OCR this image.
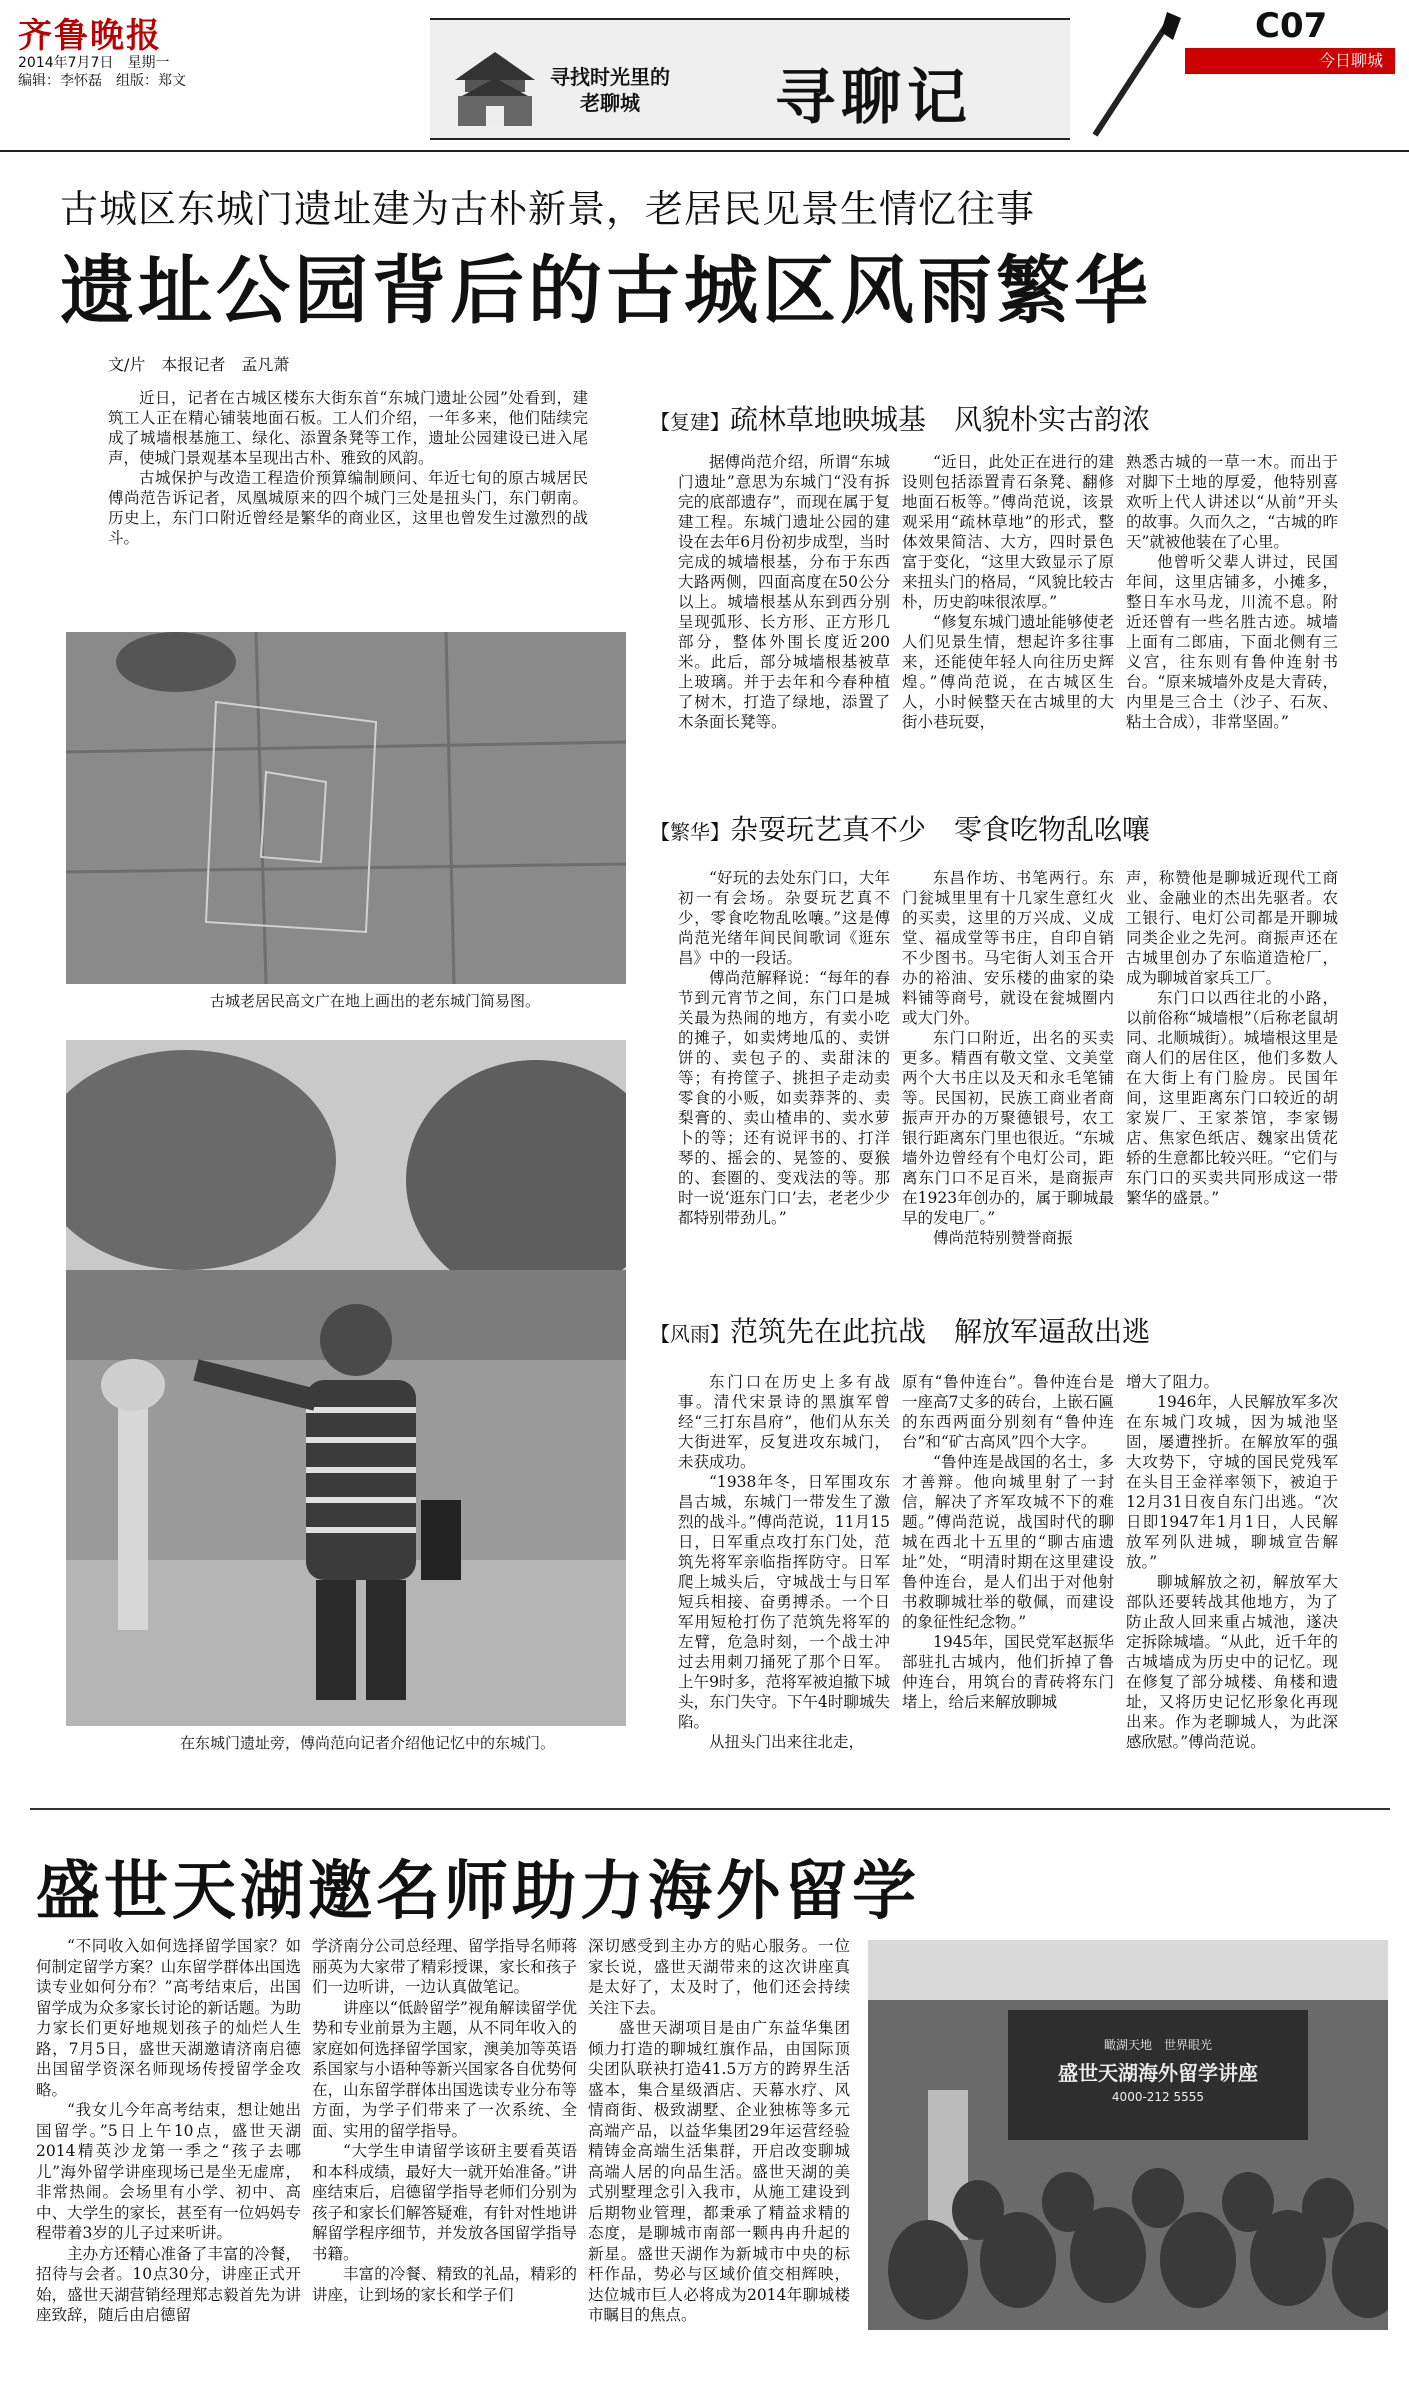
齐鲁晚报
2014年7月7日　星期一
编辑：李怀磊　组版：郑文	寻找时光里的
老聊城	寻聊记
C07
今日聊城
古城区东城门遗址建为古朴新景，老居民见景生情忆往事
遗址公园背后的古城区风雨繁华
文/片　本报记者　孟凡萧

近日，记者在古城区楼东大街东首“东城门遗址公园”处看到，建筑工人正在精心铺装地面石板。工人们介绍，一年多来，他们陆续完成了城墙根基施工、绿化、添置条凳等工作，遗址公园建设已进入尾声，使城门景观基本呈现出古朴、雅致的风韵。

古城保护与改造工程造价预算编制顾问、年近七旬的原古城居民傅尚范告诉记者，凤凰城原来的四个城门三处是扭头门，东门朝南。历史上，东门口附近曾经是繁华的商业区，这里也曾发生过激烈的战斗。

古城老居民高文广在地上画出的老东城门简易图。
在东城门遗址旁，傅尚范向记者介绍他记忆中的东城门。
【复建】疏林草地映城基　风貌朴实古韵浓

据傅尚范介绍，所谓“东城门遗址”意思为东城门“没有拆完的底部遗存”，而现在属于复建工程。东城门遗址公园的建设在去年6月份初步成型，当时完成的城墙根基，分布于东西大路两侧，四面高度在50公分以上。城墙根基从东到西分别呈现弧形、长方形、正方形几部分，整体外围长度近200米。此后，部分城墙根基被草上玻璃。并于去年和今春种植了树木，打造了绿地，添置了木条面长凳等。

“近日，此处正在进行的建设则包括添置青石条凳、翻修地面石板等。”傅尚范说，该景观采用“疏林草地”的形式，整体效果简洁、大方，四时景色富于变化，“这里大致显示了原来扭头门的格局，“风貌比较古朴，历史韵味很浓厚。”

“修复东城门遗址能够使老人们见景生情，想起许多往事来，还能使年轻人向往历史辉煌。”傅尚范说，在古城区生人，小时候整天在古城里的大街小巷玩耍，

熟悉古城的一草一木。而出于对脚下土地的厚爱，他特别喜欢听上代人讲述以“从前”开头的故事。久而久之，“古城的昨天”就被他装在了心里。

他曾听父辈人讲过，民国年间，这里店铺多，小摊多，整日车水马龙，川流不息。附近还曾有一些名胜古迹。城墙上面有二郎庙，下面北侧有三义宫，往东则有鲁仲连射书台。“原来城墙外皮是大青砖，内里是三合土（沙子、石灰、粘土合成），非常坚固。”

【繁华】杂耍玩艺真不少　零食吃物乱吆嚷

“好玩的去处东门口，大年初一有会场。杂耍玩艺真不少，零食吃物乱吆嚷。”这是傅尚范光绪年间民间歌词《逛东昌》中的一段话。

傅尚范解释说：“每年的春节到元宵节之间，东门口是城关最为热闹的地方，有卖小吃的摊子，如卖烤地瓜的、卖饼饼的、卖包子的、卖甜沫的等；有挎筐子、挑担子走动卖零食的小贩，如卖莽荠的、卖梨膏的、卖山楂串的、卖水萝卜的等；还有说评书的、打洋琴的、摇会的、晃签的、耍猴的、套圈的、变戏法的等。那时一说‘逛东门口’去，老老少少都特别带劲儿。”

东昌作坊、书笔两行。东门瓮城里里有十几家生意红火的买卖，这里的万兴成、义成堂、福成堂等书庄，自印自销不少图书。马宅街人刘玉合开办的裕油、安乐楼的曲家的染料铺等商号，就设在瓮城圈内或大门外。

东门口附近，出名的买卖更多。精酉有敬文堂、文美堂两个大书庄以及天和永毛笔铺等。民国初，民族工商业者商振声开办的万聚德银号，农工银行距离东门里也很近。“东城墙外边曾经有个电灯公司，距离东门口不足百米，是商振声在1923年创办的，属于聊城最早的发电厂。”

傅尚范特别赞誉商振

声，称赞他是聊城近现代工商业、金融业的杰出先驱者。农工银行、电灯公司都是开聊城同类企业之先河。商振声还在古城里创办了东临道造枪厂，成为聊城首家兵工厂。

东门口以西往北的小路，以前俗称“城墙根”（后称老鼠胡同、北顺城街）。城墙根这里是商人们的居住区，他们多数人在大街上有门脸房。民国年间，这里距离东门口较近的胡家炭厂、王家茶馆，李家锡店、焦家色纸店、魏家出赁花轿的生意都比较兴旺。“它们与东门口的买卖共同形成这一带繁华的盛景。”

【风雨】范筑先在此抗战　解放军逼敌出逃

东门口在历史上多有战事。清代宋景诗的黑旗军曾经“三打东昌府”，他们从东关大街进军，反复进攻东城门，未获成功。

“1938年冬，日军围攻东昌古城，东城门一带发生了激烈的战斗。”傅尚范说，11月15日，日军重点攻打东门处，范筑先将军亲临指挥防守。日军爬上城头后，守城战士与日军短兵相接、奋勇搏杀。一个日军用短枪打伤了范筑先将军的左臂，危急时刻，一个战士冲过去用刺刀捅死了那个日军。上午9时多，范将军被迫撤下城头，东门失守。下午4时聊城失陷。

从扭头门出来往北走，

原有“鲁仲连台”。鲁仲连台是一座高7丈多的砖台，上嵌石匾的东西两面分别刻有“鲁仲连台”和“矿古高风”四个大字。

“鲁仲连是战国的名士，多才善辩。他向城里射了一封信，解决了齐军攻城不下的难题。”傅尚范说，战国时代的聊城在西北十五里的“聊古庙遗址”处，“明清时期在这里建设鲁仲连台，是人们出于对他射书救聊城壮举的敬佩，而建设的象征性纪念物。”

1945年，国民党军赵振华部驻扎古城内，他们折掉了鲁仲连台，用筑台的青砖将东门堵上，给后来解放聊城

增大了阻力。

1946年，人民解放军多次在东城门攻城，因为城池坚固，屡遭挫折。在解放军的强大攻势下，守城的国民党残军在头目王金祥率领下，被迫于12月31日夜自东门出逃。“次日即1947年1月1日，人民解放军列队进城，聊城宣告解放。”

聊城解放之初，解放军大部队还要转战其他地方，为了防止敌人回来重占城池，遂决定拆除城墙。“从此，近千年的古城墙成为历史中的记忆。现在修复了部分城楼、角楼和遗址，又将历史记忆形象化再现出来。作为老聊城人，为此深感欣慰。”傅尚范说。

盛世天湖邀名师助力海外留学

“不同收入如何选择留学国家？如何制定留学方案？山东留学群体出国选读专业如何分布？”高考结束后，出国留学成为众多家长讨论的新话题。为助力家长们更好地规划孩子的灿烂人生路，7月5日，盛世天湖邀请济南启德出国留学资深名师现场传授留学金攻略。

“我女儿今年高考结束，想让她出国留学。”5日上午10点，盛世天湖2014精英沙龙第一季之“孩子去哪儿”海外留学讲座现场已是坐无虚席，非常热闹。会场里有小学、初中、高中、大学生的家长，甚至有一位妈妈专程带着3岁的儿子过来听讲。

主办方还精心准备了丰富的冷餐，招待与会者。10点30分，讲座正式开始，盛世天湖营销经理郑志毅首先为讲座致辞，随后由启德留

学济南分公司总经理、留学指导名师蒋丽英为大家带了精彩授课，家长和孩子们一边听讲，一边认真做笔记。

讲座以“低龄留学”视角解读留学优势和专业前景为主题，从不同年收入的家庭如何选择留学国家，澳美加等英语系国家与小语种等新兴国家各自优势何在，山东留学群体出国选读专业分布等方面，为学子们带来了一次系统、全面、实用的留学指导。

“大学生申请留学该研主要看英语和本科成绩，最好大一就开始准备。”讲座结束后，启德留学指导老师们分别为孩子和家长们解答疑难，有针对性地讲解留学程序细节，并发放各国留学指导书籍。

丰富的冷餐、精致的礼品，精彩的讲座，让到场的家长和学子们

深切感受到主办方的贴心服务。一位家长说，盛世天湖带来的这次讲座真是太好了，太及时了，他们还会持续关注下去。

盛世天湖项目是由广东益华集团倾力打造的聊城红旗作品，由国际顶尖团队联袂打造41.5万方的跨界生活盛本，集合星级酒店、天幕水疗、风情商街、极致湖墅、企业独栋等多元高端产品，以益华集团29年运营经验精铸金高端生活集群，开启改变聊城高端人居的向品生活。盛世天湖的美式别墅理念引入我市，从施工建设到后期物业管理，都秉承了精益求精的态度，是聊城市南部一颗冉冉升起的新星。盛世天湖作为新城市中央的标杆作品，势必与区域价值交相辉映，达位城市巨人必将成为2014年聊城楼市瞩目的焦点。

瞰湖天地　世界眼光
盛世天湖海外留学讲座
4000-212 5555
